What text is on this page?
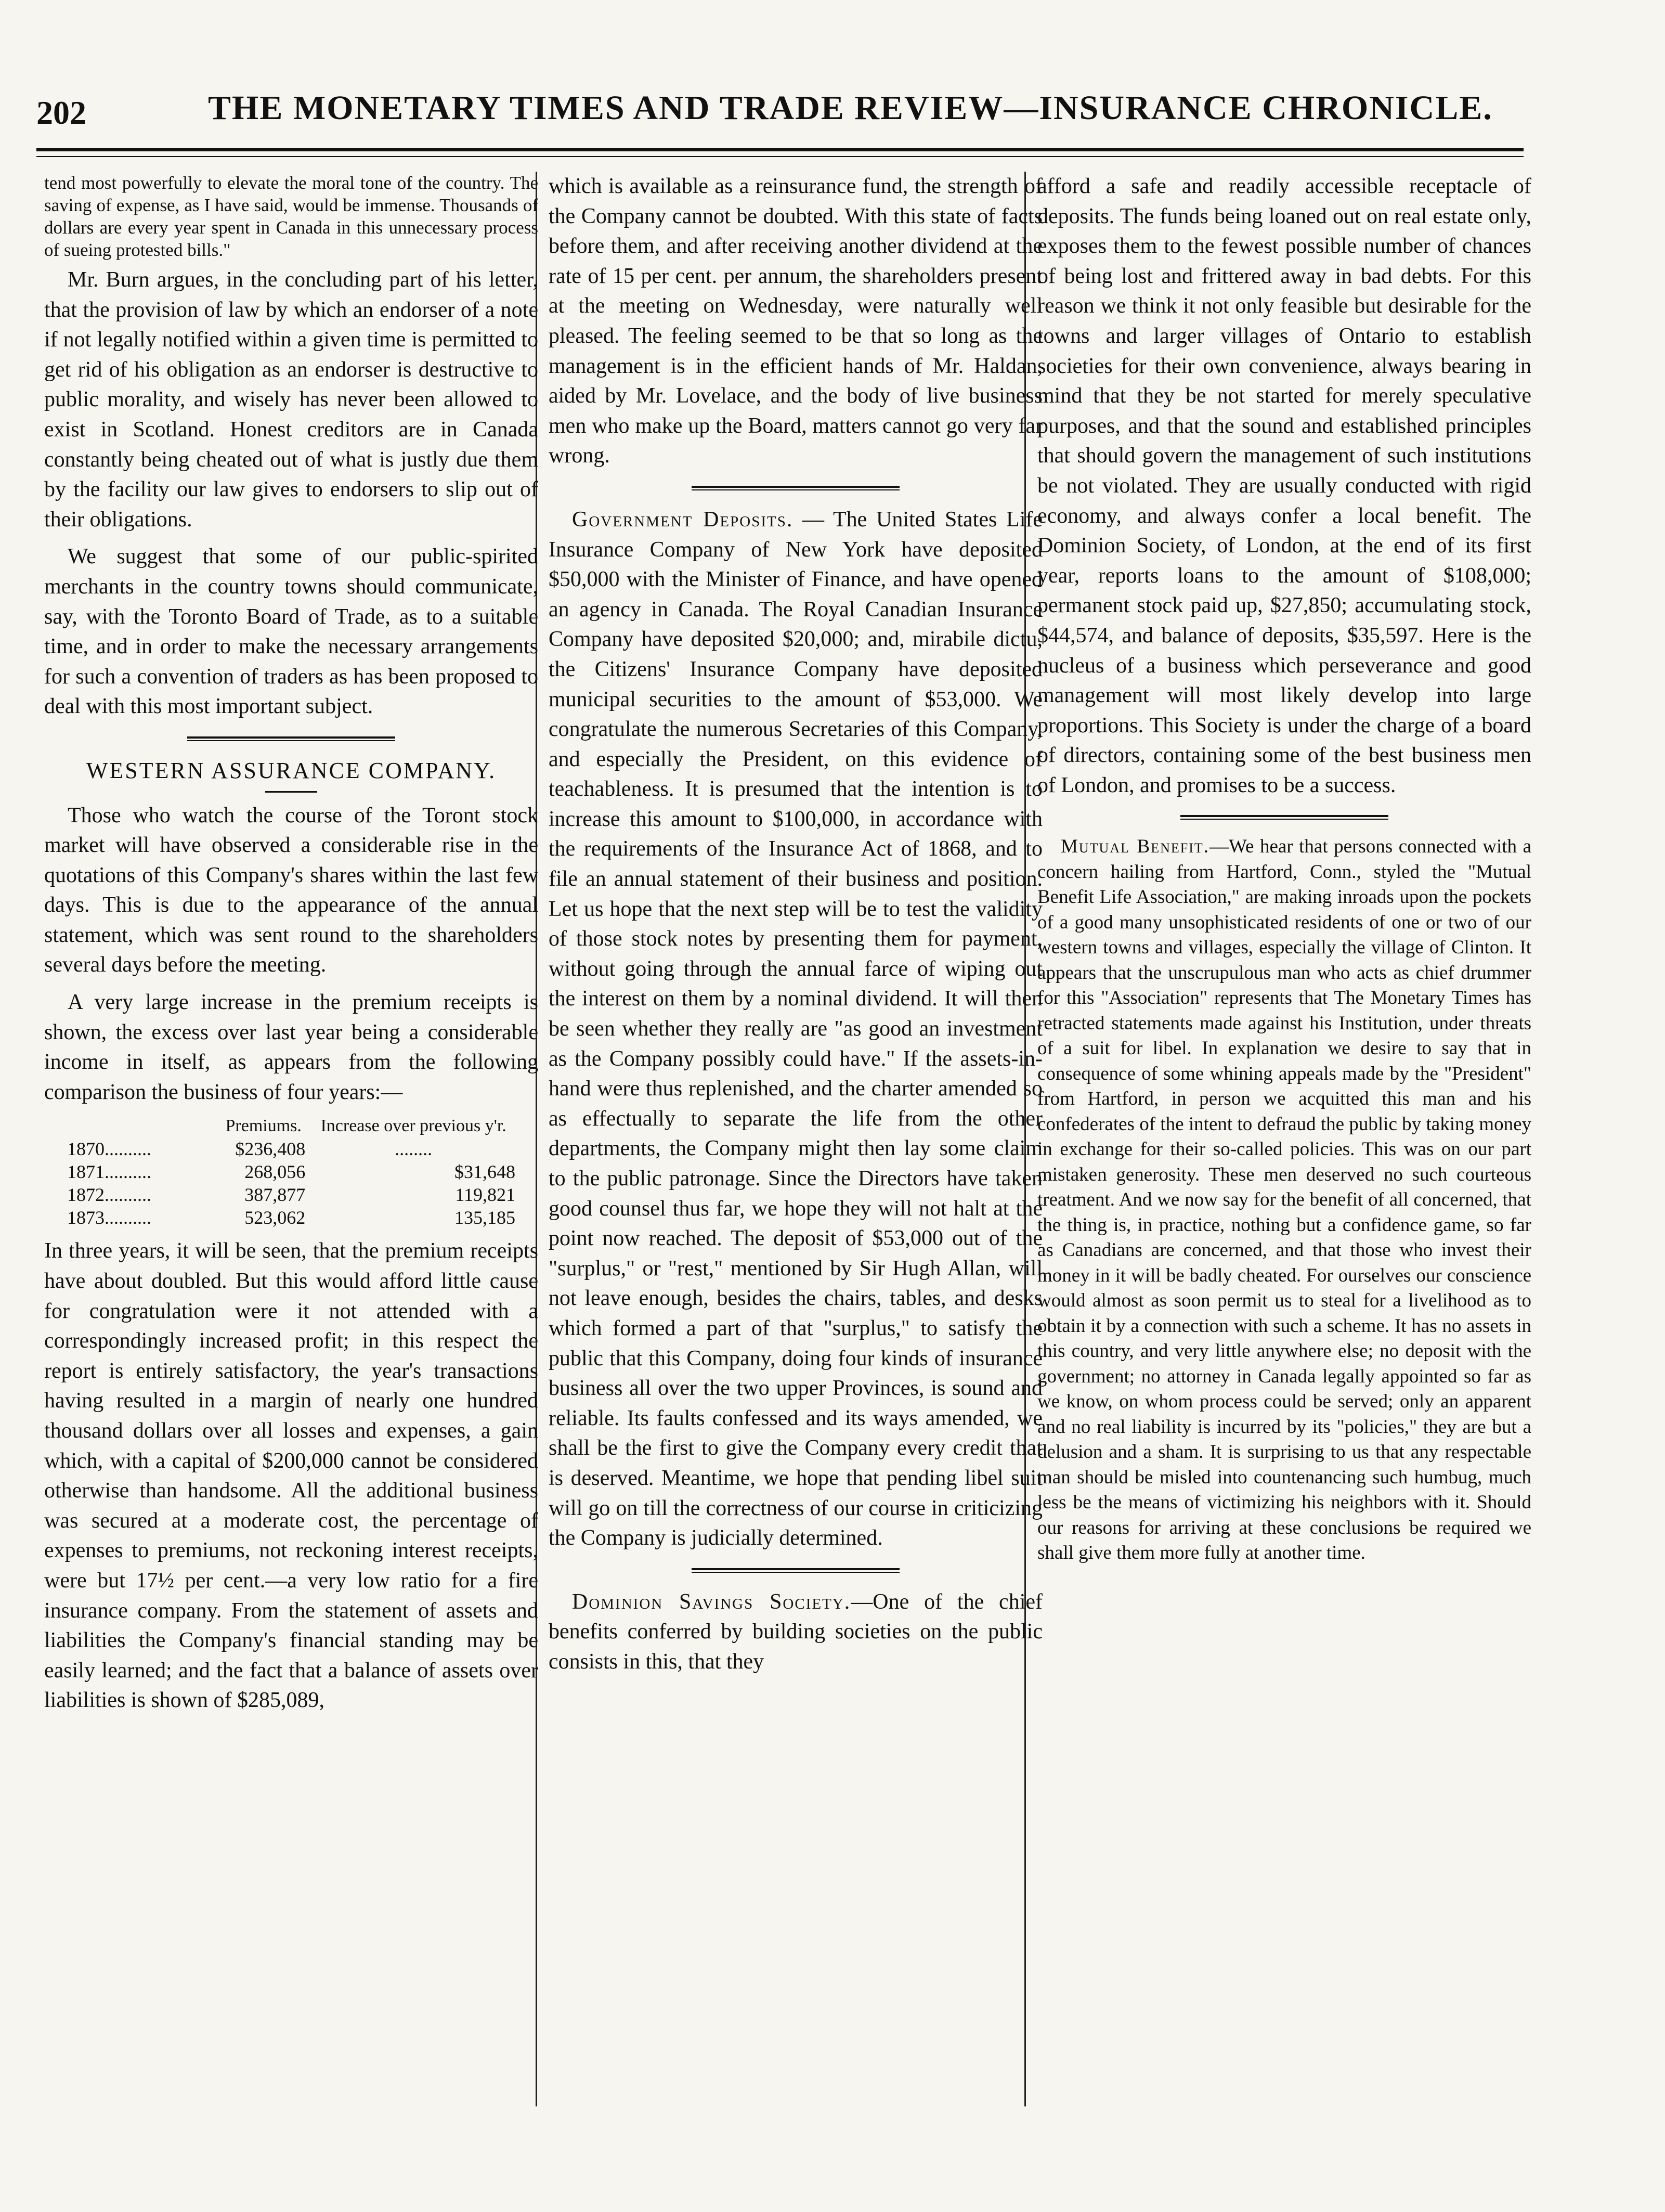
202	THE MONETARY TIMES AND TRADE REVIEW—INSURANCE CHRONICLE.

tend most powerfully to elevate the moral tone of the country. The saving of expense, as I have said, would be immense. Thousands of dollars are every year spent in Canada in this unnecessary process of sueing protested bills."

Mr. Burn argues, in the concluding part of his letter, that the provision of law by which an endorser of a note if not legally notified within a given time is permitted to get rid of his obligation as an endorser is destructive to public morality, and wisely has never been allowed to exist in Scotland. Honest creditors are in Canada constantly being cheated out of what is justly due them by the facility our law gives to endorsers to slip out of their obligations.

We suggest that some of our public-spirited merchants in the country towns should communicate, say, with the Toronto Board of Trade, as to a suitable time, and in order to make the necessary arrangements for such a convention of traders as has been proposed to deal with this most important subject.

WESTERN ASSURANCE COMPANY.

Those who watch the course of the Toront stock market will have observed a considerable rise in the quotations of this Company's shares within the last few days. This is due to the appearance of the annual statement, which was sent round to the shareholders several days before the meeting.

A very large increase in the premium receipts is shown, the excess over last year being a considerable income in itself, as appears from the following comparison the business of four years:—

	Premiums.	Increase over previous y'r.
1870..........	$236,408	........
1871..........	268,056	$31,648
1872..........	387,877	119,821
1873..........	523,062	135,185

In three years, it will be seen, that the premium receipts have about doubled. But this would afford little cause for congratulation were it not attended with a correspondingly increased profit; in this respect the report is entirely satisfactory, the year's transactions having resulted in a margin of nearly one hundred thousand dollars over all losses and expenses, a gain which, with a capital of $200,000 cannot be considered otherwise than handsome. All the additional business was secured at a moderate cost, the percentage of expenses to premiums, not reckoning interest receipts, were but 17½ per cent.—a very low ratio for a fire insurance company. From the statement of assets and liabilities the Company's financial standing may be easily learned; and the fact that a balance of assets over liabilities is shown of $285,089,

which is available as a reinsurance fund, the strength of the Company cannot be doubted. With this state of facts before them, and after receiving another dividend at the rate of 15 per cent. per annum, the shareholders present at the meeting on Wednesday, were naturally well pleased. The feeling seemed to be that so long as the management is in the efficient hands of Mr. Haldan, aided by Mr. Lovelace, and the body of live business men who make up the Board, matters cannot go very far wrong.

Government Deposits. — The United States Life Insurance Company of New York have deposited $50,000 with the Minister of Finance, and have opened an agency in Canada. The Royal Canadian Insurance Company have deposited $20,000; and, mirabile dictu, the Citizens' Insurance Company have deposited municipal securities to the amount of $53,000. We congratulate the numerous Secretaries of this Company, and especially the President, on this evidence of teachableness. It is presumed that the intention is to increase this amount to $100,000, in accordance with the requirements of the Insurance Act of 1868, and to file an annual statement of their business and position. Let us hope that the next step will be to test the validity of those stock notes by presenting them for payment, without going through the annual farce of wiping out the interest on them by a nominal dividend. It will then be seen whether they really are "as good an investment as the Company possibly could have." If the assets-in-hand were thus replenished, and the charter amended so as effectually to separate the life from the other departments, the Company might then lay some claim to the public patronage. Since the Directors have taken good counsel thus far, we hope they will not halt at the point now reached. The deposit of $53,000 out of the "surplus," or "rest," mentioned by Sir Hugh Allan, will not leave enough, besides the chairs, tables, and desks which formed a part of that "surplus," to satisfy the public that this Company, doing four kinds of insurance business all over the two upper Provinces, is sound and reliable. Its faults confessed and its ways amended, we shall be the first to give the Company every credit that is deserved. Meantime, we hope that pending libel suit will go on till the correctness of our course in criticizing the Company is judicially determined.

Dominion Savings Society.—One of the chief benefits conferred by building societies on the public consists in this, that they

afford a safe and readily accessible receptacle of deposits. The funds being loaned out on real estate only, exposes them to the fewest possible number of chances of being lost and frittered away in bad debts. For this reason we think it not only feasible but desirable for the towns and larger villages of Ontario to establish societies for their own convenience, always bearing in mind that they be not started for merely speculative purposes, and that the sound and established principles that should govern the management of such institutions be not violated. They are usually conducted with rigid economy, and always confer a local benefit. The Dominion Society, of London, at the end of its first year, reports loans to the amount of $108,000; permanent stock paid up, $27,850; accumulating stock, $44,574, and balance of deposits, $35,597. Here is the nucleus of a business which perseverance and good management will most likely develop into large proportions. This Society is under the charge of a board of directors, containing some of the best business men of London, and promises to be a success.

Mutual Benefit.—We hear that persons connected with a concern hailing from Hartford, Conn., styled the "Mutual Benefit Life Association," are making inroads upon the pockets of a good many unsophisticated residents of one or two of our western towns and villages, especially the village of Clinton. It appears that the unscrupulous man who acts as chief drummer for this "Association" represents that The Monetary Times has retracted statements made against his Institution, under threats of a suit for libel. In explanation we desire to say that in consequence of some whining appeals made by the "President" from Hartford, in person we acquitted this man and his confederates of the intent to defraud the public by taking money in exchange for their so-called policies. This was on our part mistaken generosity. These men deserved no such courteous treatment. And we now say for the benefit of all concerned, that the thing is, in practice, nothing but a confidence game, so far as Canadians are concerned, and that those who invest their money in it will be badly cheated. For ourselves our conscience would almost as soon permit us to steal for a livelihood as to obtain it by a connection with such a scheme. It has no assets in this country, and very little anywhere else; no deposit with the government; no attorney in Canada legally appointed so far as we know, on whom process could be served; only an apparent and no real liability is incurred by its "policies," they are but a delusion and a sham. It is surprising to us that any respectable man should be misled into countenancing such humbug, much less be the means of victimizing his neighbors with it. Should our reasons for arriving at these conclusions be required we shall give them more fully at another time.
